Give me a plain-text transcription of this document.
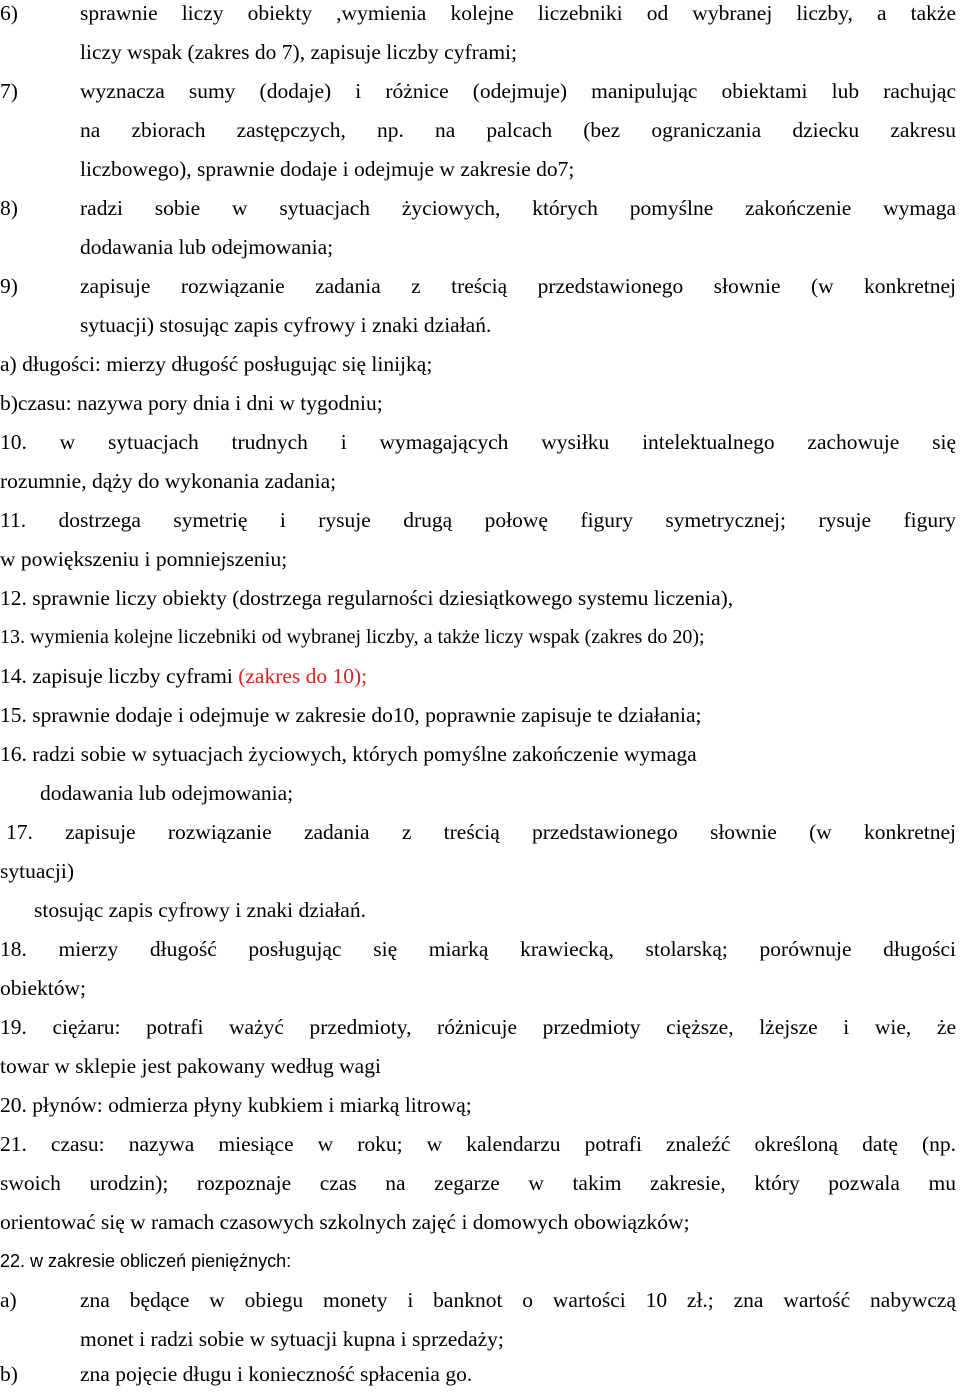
6)	sprawnie liczy obiekty ,wymienia kolejne liczebniki od wybranej liczby, a także

liczy wspak (zakres do 7), zapisuje liczby cyframi;

7)	wyznacza sumy (dodaje) i różnice (odejmuje) manipulując obiektami lub rachując

na zbiorach zastępczych, np. na palcach (bez ograniczania dziecku zakresu

liczbowego), sprawnie dodaje i odejmuje w zakresie do7;

8)	radzi sobie w sytuacjach życiowych, których pomyślne zakończenie wymaga

dodawania lub odejmowania;

9)	zapisuje rozwiązanie zadania z treścią przedstawionego słownie (w konkretnej

sytuacji) stosując zapis cyfrowy i znaki działań.

a) długości: mierzy długość posługując się linijką;

b)czasu: nazywa pory dnia i dni w tygodniu;

10. w sytuacjach trudnych i wymagających wysiłku intelektualnego zachowuje się

rozumnie, dąży do wykonania zadania;

11. dostrzega symetrię i rysuje drugą połowę figury symetrycznej; rysuje figury

w powiększeniu i pomniejszeniu;

12. sprawnie liczy obiekty (dostrzega regularności dziesiątkowego systemu liczenia),

13. wymienia kolejne liczebniki od wybranej liczby, a także liczy wspak (zakres do 20);

14. zapisuje liczby cyframi (zakres do 10);

15. sprawnie dodaje i odejmuje w zakresie do10, poprawnie zapisuje te działania;

16. radzi sobie w sytuacjach życiowych, których pomyślne zakończenie wymaga

dodawania lub odejmowania;

17. zapisuje rozwiązanie zadania z treścią przedstawionego słownie (w konkretnej

sytuacji)

stosując zapis cyfrowy i znaki działań.

18. mierzy długość posługując się miarką krawiecką, stolarską; porównuje długości

obiektów;

19. ciężaru: potrafi ważyć przedmioty, różnicuje przedmioty cięższe, lżejsze i wie, że

towar w sklepie jest pakowany według wagi

20. płynów: odmierza płyny kubkiem i miarką litrową;

21. czasu: nazywa miesiące w roku; w kalendarzu potrafi znaleźć określoną datę (np.

swoich urodzin); rozpoznaje czas na zegarze w takim zakresie, który pozwala mu

orientować się w ramach czasowych szkolnych zajęć i domowych obowiązków;

22. w zakresie obliczeń pieniężnych:

a)	zna będące w obiegu monety i banknot o wartości 10 zł.; zna wartość nabywczą

monet i radzi sobie w sytuacji kupna i sprzedaży;

b)	zna pojęcie długu i konieczność spłacenia go.
